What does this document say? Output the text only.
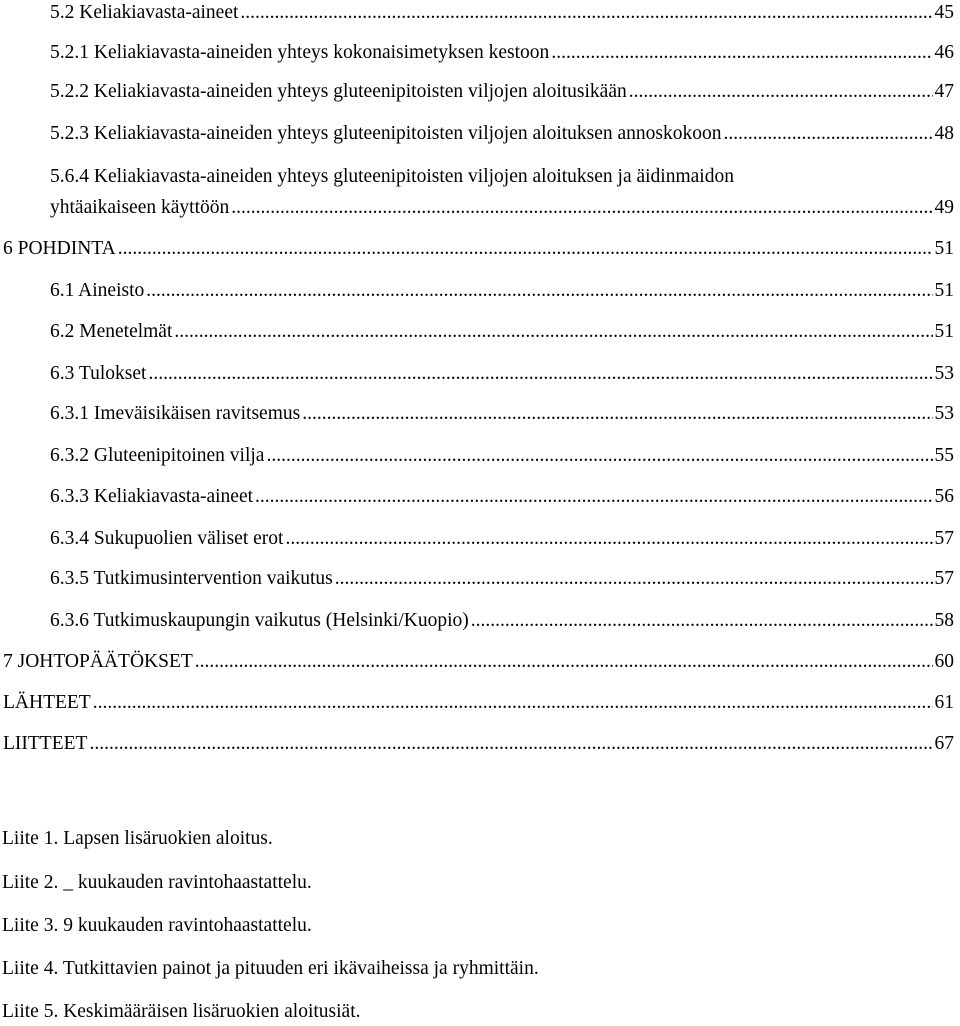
5.2 Keliakiavasta-aineet .....	45
5.2.1 Keliakiavasta-aineiden yhteys kokonaisimetyksen kestoon .....	46
5.2.2 Keliakiavasta-aineiden yhteys gluteenipitoisten viljojen aloitusikään .....	47
5.2.3 Keliakiavasta-aineiden yhteys gluteenipitoisten viljojen aloituksen annoskokoon .....	48
5.6.4 Keliakiavasta-aineiden yhteys gluteenipitoisten viljojen aloituksen ja äidinmaidon
yhtäaikaiseen käyttöön .....	49
6 POHDINTA .....	51
6.1 Aineisto .....	51
6.2 Menetelmät .....	51
6.3 Tulokset .....	53
6.3.1 Imeväisikäisen ravitsemus .....	53
6.3.2 Gluteenipitoinen vilja .....	55
6.3.3 Keliakiavasta-aineet .....	56
6.3.4 Sukupuolien väliset erot .....	57
6.3.5 Tutkimusintervention vaikutus .....	57
6.3.6 Tutkimuskaupungin vaikutus (Helsinki/Kuopio) .....	58
7 JOHTOPÄÄTÖKSET .....	60
LÄHTEET .....	61
LIITTEET .....	67
Liite 1. Lapsen lisäruokien aloitus.
Liite 2. _ kuukauden ravintohaastattelu.
Liite 3. 9 kuukauden ravintohaastattelu.
Liite 4. Tutkittavien painot ja pituuden eri ikävaiheissa ja ryhmittäin.
Liite 5. Keskimääräisen lisäruokien aloitusiät.
